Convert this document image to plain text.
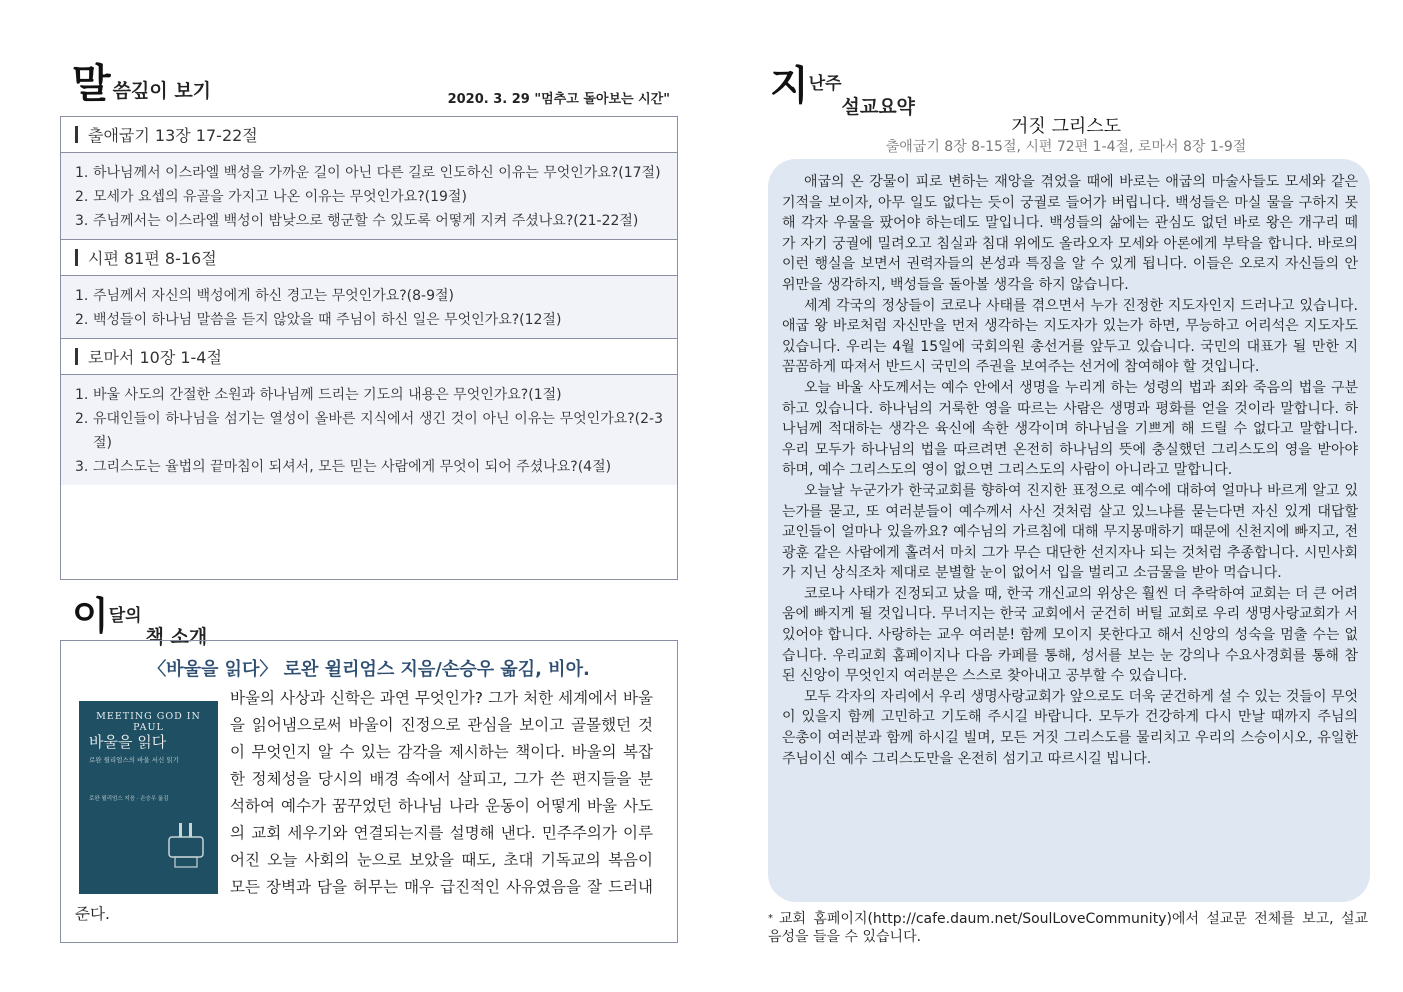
말씀깊이 보기	2020. 3. 29 "멈추고 돌아보는 시간"
출애굽기 13장 17-22절
1. 하나님께서 이스라엘 백성을 가까운 길이 아닌 다른 길로 인도하신 이유는 무엇인가요?(17절)
2. 모세가 요셉의 유골을 가지고 나온 이유는 무엇인가요?(19절)
3. 주님께서는 이스라엘 백성이 밤낮으로 행군할 수 있도록 어떻게 지켜 주셨나요?(21-22절)
시편 81편 8-16절
1. 주님께서 자신의 백성에게 하신 경고는 무엇인가요?(8-9절)
2. 백성들이 하나님 말씀을 듣지 않았을 때 주님이 하신 일은 무엇인가요?(12절)
로마서 10장 1-4절
1. 바울 사도의 간절한 소원과 하나님께 드리는 기도의 내용은 무엇인가요?(1절)
2. 유대인들이 하나님을 섬기는 열성이 올바른 지식에서 생긴 것이 아닌 이유는 무엇인가요?(2-3절)
3. 그리스도는 율법의 끝마침이 되셔서, 모든 믿는 사람에게 무엇이 되어 주셨나요?(4절)
이달의책 소개
〈바울을 읽다〉 로완 윌리엄스 지음/손승우 옮김, 비아.
바울의 사상과 신학은 과연 무엇인가? 그가 처한 세계에서 바울을 읽어냄으로써 바울이 진정으로 관심을 보이고 골몰했던 것이 무엇인지 알 수 있는 감각을 제시하는 책이다. 바울의 복잡한 정체성을 당시의 배경 속에서 살피고, 그가 쓴 편지들을 분석하여 예수가 꿈꾸었던 하나님 나라 운동이 어떻게 바울 사도의 교회 세우기와 연결되는지를 설명해 낸다. 민주주의가 이루어진 오늘 사회의 눈으로 보았을 때도, 초대 기독교의 복음이 모든 장벽과 담을 허무는 매우 급진적인 사유였음을 잘 드러내 준다.
MEETING GOD IN PAUL
바울을 읽다
로완 윌리엄스의 바울 서신 읽기
로완 윌리엄스 지음 · 손승우 옮김
지난주설교요약
거짓 그리스도
출애굽기 8장 8-15절, 시편 72편 1-4절, 로마서 8장 1-9절

애굽의 온 강물이 피로 변하는 재앙을 겪었을 때에 바로는 애굽의 마술사들도 모세와 같은 기적을 보이자, 아무 일도 없다는 듯이 궁궐로 들어가 버립니다. 백성들은 마실 물을 구하지 못해 각자 우물을 팠어야 하는데도 말입니다. 백성들의 삶에는 관심도 없던 바로 왕은 개구리 떼가 자기 궁궐에 밀려오고 침실과 침대 위에도 올라오자 모세와 아론에게 부탁을 합니다. 바로의 이런 행실을 보면서 권력자들의 본성과 특징을 알 수 있게 됩니다. 이들은 오로지 자신들의 안위만을 생각하지, 백성들을 돌아볼 생각을 하지 않습니다.

세계 각국의 정상들이 코로나 사태를 겪으면서 누가 진정한 지도자인지 드러나고 있습니다. 애굽 왕 바로처럼 자신만을 먼저 생각하는 지도자가 있는가 하면, 무능하고 어리석은 지도자도 있습니다. 우리는 4월 15일에 국회의원 총선거를 앞두고 있습니다. 국민의 대표가 될 만한 지 꼼꼼하게 따져서 반드시 국민의 주권을 보여주는 선거에 참여해야 할 것입니다.

오늘 바울 사도께서는 예수 안에서 생명을 누리게 하는 성령의 법과 죄와 죽음의 법을 구분하고 있습니다. 하나님의 거룩한 영을 따르는 사람은 생명과 평화를 얻을 것이라 말합니다. 하나님께 적대하는 생각은 육신에 속한 생각이며 하나님을 기쁘게 해 드릴 수 없다고 말합니다. 우리 모두가 하나님의 법을 따르려면 온전히 하나님의 뜻에 충실했던 그리스도의 영을 받아야 하며, 예수 그리스도의 영이 없으면 그리스도의 사람이 아니라고 말합니다.

오늘날 누군가가 한국교회를 향하여 진지한 표정으로 예수에 대하여 얼마나 바르게 알고 있는가를 묻고, 또 여러분들이 예수께서 사신 것처럼 살고 있느냐를 묻는다면 자신 있게 대답할 교인들이 얼마나 있을까요? 예수님의 가르침에 대해 무지몽매하기 때문에 신천지에 빠지고, 전광훈 같은 사람에게 홀려서 마치 그가 무슨 대단한 선지자나 되는 것처럼 추종합니다. 시민사회가 지닌 상식조차 제대로 분별할 눈이 없어서 입을 벌리고 소금물을 받아 먹습니다.

코로나 사태가 진정되고 났을 때, 한국 개신교의 위상은 훨씬 더 추락하여 교회는 더 큰 어려움에 빠지게 될 것입니다. 무너지는 한국 교회에서 굳건히 버틸 교회로 우리 생명사랑교회가 서 있어야 합니다. 사랑하는 교우 여러분! 함께 모이지 못한다고 해서 신앙의 성숙을 멈출 수는 없습니다. 우리교회 홈페이지나 다음 카페를 통해, 성서를 보는 눈 강의나 수요사경회를 통해 참된 신앙이 무엇인지 여러분은 스스로 찾아내고 공부할 수 있습니다.

모두 각자의 자리에서 우리 생명사랑교회가 앞으로도 더욱 굳건하게 설 수 있는 것들이 무엇이 있을지 함께 고민하고 기도해 주시길 바랍니다. 모두가 건강하게 다시 만날 때까지 주님의 은총이 여러분과 함께 하시길 빌며, 모든 거짓 그리스도를 물리치고 우리의 스승이시오, 유일한 주님이신 예수 그리스도만을 온전히 섬기고 따르시길 빕니다.

* 교회 홈페이지(http://cafe.daum.net/SoulLoveCommunity)에서 설교문 전체를 보고, 설교 음성을 들을 수 있습니다.
